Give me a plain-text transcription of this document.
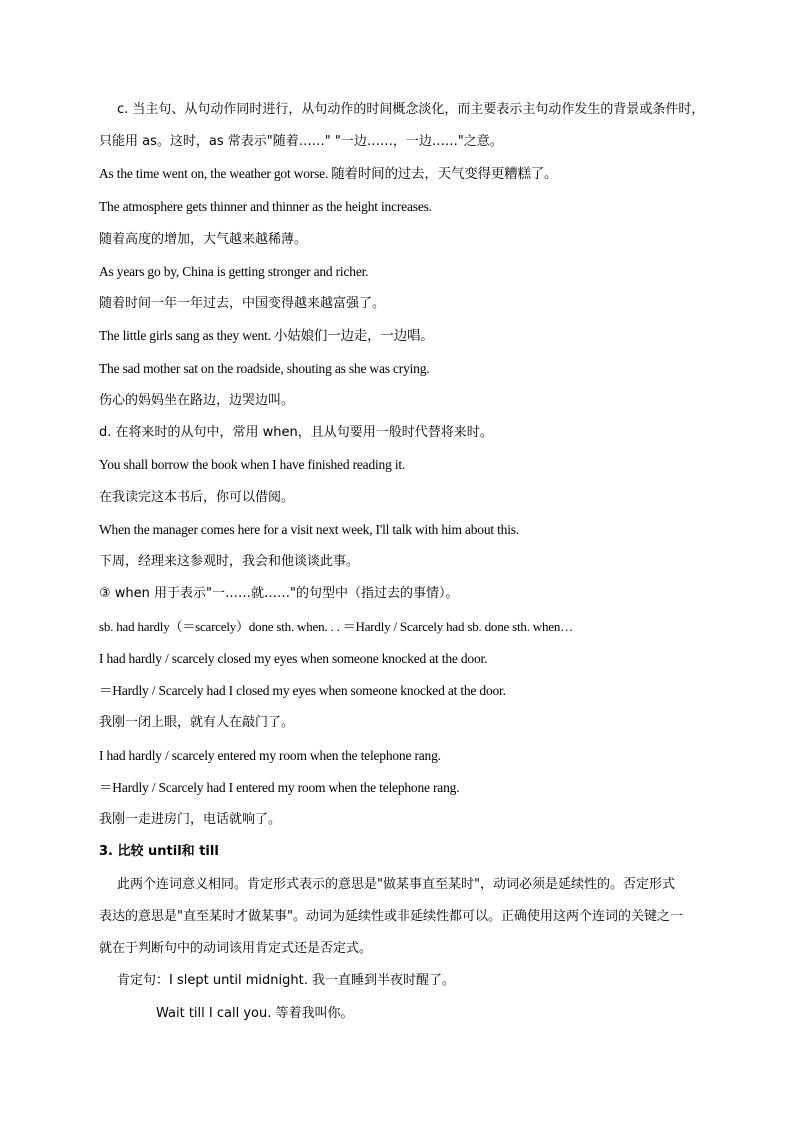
c. 当主句、从句动作同时进行，从句动作的时间概念淡化，而主要表示主句动作发生的背景或条件时，
只能用 as。这时，as 常表示"随着……" "一边……，一边……"之意。
As the time went on, the weather got worse. 随着时间的过去，天气变得更糟糕了。
The atmosphere gets thinner and thinner as the height increases.
随着高度的增加，大气越来越稀薄。
As years go by, China is getting stronger and richer.
随着时间一年一年过去，中国变得越来越富强了。
The little girls sang as they went. 小姑娘们一边走，一边唱。
The sad mother sat on the roadside, shouting as she was crying.
伤心的妈妈坐在路边，边哭边叫。
d. 在将来时的从句中，常用 when，且从句要用一般时代替将来时。
You shall borrow the book when I have finished reading it.
在我读完这本书后，你可以借阅。
When the manager comes here for a visit next week, I'll talk with him about this.
下周，经理来这参观时，我会和他谈谈此事。
③ when 用于表示"一……就……"的句型中（指过去的事情）。
sb. had hardly（＝scarcely）done sth. when. . . ＝Hardly / Scarcely had sb. done sth. when…
I had hardly / scarcely closed my eyes when someone knocked at the door.
＝Hardly / Scarcely had I closed my eyes when someone knocked at the door.
我刚一闭上眼，就有人在敲门了。
I had hardly / scarcely entered my room when the telephone rang.
＝Hardly / Scarcely had I entered my room when the telephone rang.
我刚一走进房门，电话就响了。
3. 比较 until和 till
此两个连词意义相同。肯定形式表示的意思是"做某事直至某时"，动词必须是延续性的。否定形式
表达的意思是"直至某时才做某事"。动词为延续性或非延续性都可以。正确使用这两个连词的关键之一
就在于判断句中的动词该用肯定式还是否定式。
肯定句：I slept until midnight. 我一直睡到半夜时醒了。
Wait till I call you. 等着我叫你。
